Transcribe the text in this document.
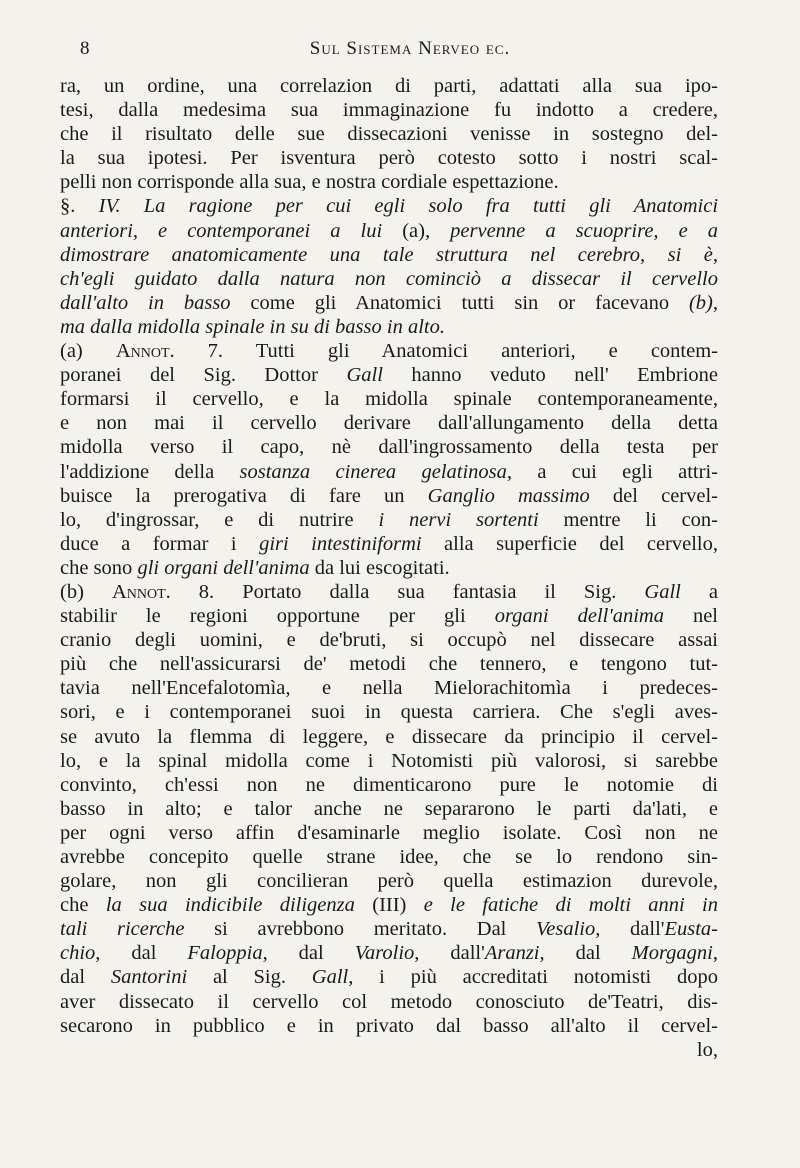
8	Sul Sistema Nerveo ec.
ra, un ordine, una correlazion di parti, adattati alla sua ipo-
tesi, dalla medesima sua immaginazione fu indotto a credere,
che il risultato delle sue dissecazioni venisse in sostegno del-
la sua ipotesi. Per isventura però cotesto sotto i nostri scal-
pelli non corrisponde alla sua, e nostra cordiale espettazione.
§. IV. La ragione per cui egli solo fra tutti gli Anatomici
anteriori, e contemporanei a lui (a), pervenne a scuoprire, e a
dimostrare anatomicamente una tale struttura nel cerebro, si è,
ch'egli guidato dalla natura non cominciò a dissecar il cervello
dall'alto in basso come gli Anatomici tutti sin or facevano (b),
ma dalla midolla spinale in su di basso in alto.
(a) Annot. 7. Tutti gli Anatomici anteriori, e contem-
poranei del Sig. Dottor Gall hanno veduto nell' Embrione
formarsi il cervello, e la midolla spinale contemporaneamente,
e non mai il cervello derivare dall'allungamento della detta
midolla verso il capo, nè dall'ingrossamento della testa per
l'addizione della sostanza cinerea gelatinosa, a cui egli attri-
buisce la prerogativa di fare un Ganglio massimo del cervel-
lo, d'ingrossar, e di nutrire i nervi sortenti mentre li con-
duce a formar i giri intestiniformi alla superficie del cervello,
che sono gli organi dell'anima da lui escogitati.
(b) Annot. 8. Portato dalla sua fantasia il Sig. Gall a
stabilir le regioni opportune per gli organi dell'anima nel
cranio degli uomini, e de'bruti, si occupò nel dissecare assai
più che nell'assicurarsi de' metodi che tennero, e tengono tut-
tavia nell'Encefalotomìa, e nella Mielorachitomìa i predeces-
sori, e i contemporanei suoi in questa carriera. Che s'egli aves-
se avuto la flemma di leggere, e dissecare da principio il cervel-
lo, e la spinal midolla come i Notomisti più valorosi, si sarebbe
convinto, ch'essi non ne dimenticarono pure le notomie di
basso in alto; e talor anche ne separarono le parti da'lati, e
per ogni verso affin d'esaminarle meglio isolate. Così non ne
avrebbe concepito quelle strane idee, che se lo rendono sin-
golare, non gli concilieran però quella estimazion durevole,
che la sua indicibile diligenza (III) e le fatiche di molti anni in
tali ricerche si avrebbono meritato. Dal Vesalio, dall'Eusta-
chio, dal Faloppia, dal Varolio, dall'Aranzi, dal Morgagni,
dal Santorini al Sig. Gall, i più accreditati notomisti dopo
aver dissecato il cervello col metodo conosciuto de'Teatri, dis-
secarono in pubblico e in privato dal basso all'alto il cervel-
lo,
